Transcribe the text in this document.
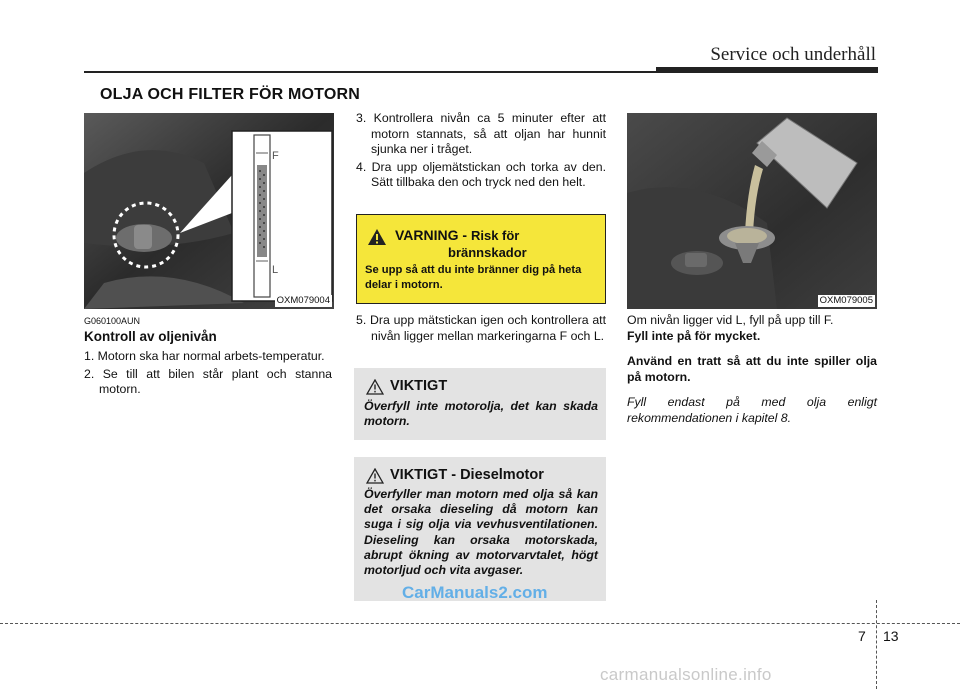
Service och underhåll
OLJA OCH FILTER FÖR MOTORN
F
L
OXM079004
G060100AUN
Kontroll av oljenivån
1. Motorn ska har normal arbets-temperatur.
2. Se till att bilen står plant och stanna motorn.
3. Kontrollera nivån ca 5 minuter efter att motorn stannats, så att oljan har hunnit sjunka ner i tråget.
4. Dra upp oljemätstickan och torka av den. Sätt tillbaka den och tryck ned den helt.
VARNING - Risk för
brännskador
Se upp så att du inte bränner dig på heta delar i motorn.
5. Dra upp mätstickan igen och kontrollera att nivån ligger mellan markeringarna F och L.
VIKTIGT
Överfyll inte motorolja, det kan skada motorn.
VIKTIGT - Dieselmotor
Överfyller man motorn med olja så kan det orsaka dieseling då motorn kan suga i sig olja via vevhusventilationen. Dieseling kan orsaka motorskada, abrupt ökning av motorvarvtalet, högt motorljud och vita avgaser.
OXM079005

Om nivån ligger vid L, fyll på upp till F.
Fyll inte på för mycket.

Använd en tratt så att du inte spiller olja på motorn.

Fyll endast på med olja enligt rekommendationen i kapitel 8.

7 13
CarManuals2.com
carmanualsonline.info
